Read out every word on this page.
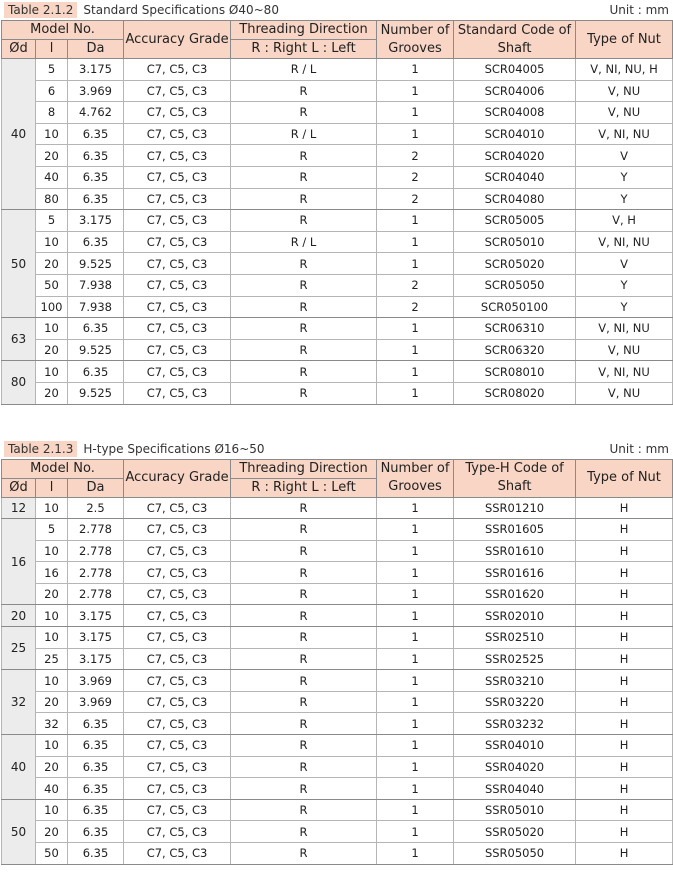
Table 2.1.2 Standard Specifications Ø40~80	Unit : mm
Model No.			Accuracy Grade	Threading Direction	Number of Grooves	Standard Code of Shaft	Type of Nut
Ød	l	Da		R : Right L : Left			
40	5	3.175	C7, C5, C3	R / L	1	SCR04005	V, NI, NU, H
	6	3.969	C7, C5, C3	R	1	SCR04006	V, NU
	8	4.762	C7, C5, C3	R	1	SCR04008	V, NU
	10	6.35	C7, C5, C3	R / L	1	SCR04010	V, NI, NU
	20	6.35	C7, C5, C3	R	2	SCR04020	V
	40	6.35	C7, C5, C3	R	2	SCR04040	Y
	80	6.35	C7, C5, C3	R	2	SCR04080	Y
50	5	3.175	C7, C5, C3	R	1	SCR05005	V, H
	10	6.35	C7, C5, C3	R / L	1	SCR05010	V, NI, NU
	20	9.525	C7, C5, C3	R	1	SCR05020	V
	50	7.938	C7, C5, C3	R	2	SCR05050	Y
	100	7.938	C7, C5, C3	R	2	SCR050100	Y
63	10	6.35	C7, C5, C3	R	1	SCR06310	V, NI, NU
	20	9.525	C7, C5, C3	R	1	SCR06320	V, NU
80	10	6.35	C7, C5, C3	R	1	SCR08010	V, NI, NU
	20	9.525	C7, C5, C3	R	1	SCR08020	V, NU
Table 2.1.3 H-type Specifications Ø16~50	Unit : mm
Model No.			Accuracy Grade	Threading Direction	Number of Grooves	Type-H Code of Shaft	Type of Nut
Ød	l	Da		R : Right L : Left			
12	10	2.5	C7, C5, C3	R	1	SSR01210	H
16	5	2.778	C7, C5, C3	R	1	SSR01605	H
	10	2.778	C7, C5, C3	R	1	SSR01610	H
	16	2.778	C7, C5, C3	R	1	SSR01616	H
	20	2.778	C7, C5, C3	R	1	SSR01620	H
20	10	3.175	C7, C5, C3	R	1	SSR02010	H
25	10	3.175	C7, C5, C3	R	1	SSR02510	H
	25	3.175	C7, C5, C3	R	1	SSR02525	H
32	10	3.969	C7, C5, C3	R	1	SSR03210	H
	20	3.969	C7, C5, C3	R	1	SSR03220	H
	32	6.35	C7, C5, C3	R	1	SSR03232	H
40	10	6.35	C7, C5, C3	R	1	SSR04010	H
	20	6.35	C7, C5, C3	R	1	SSR04020	H
	40	6.35	C7, C5, C3	R	1	SSR04040	H
50	10	6.35	C7, C5, C3	R	1	SSR05010	H
	20	6.35	C7, C5, C3	R	1	SSR05020	H
	50	6.35	C7, C5, C3	R	1	SSR05050	H
